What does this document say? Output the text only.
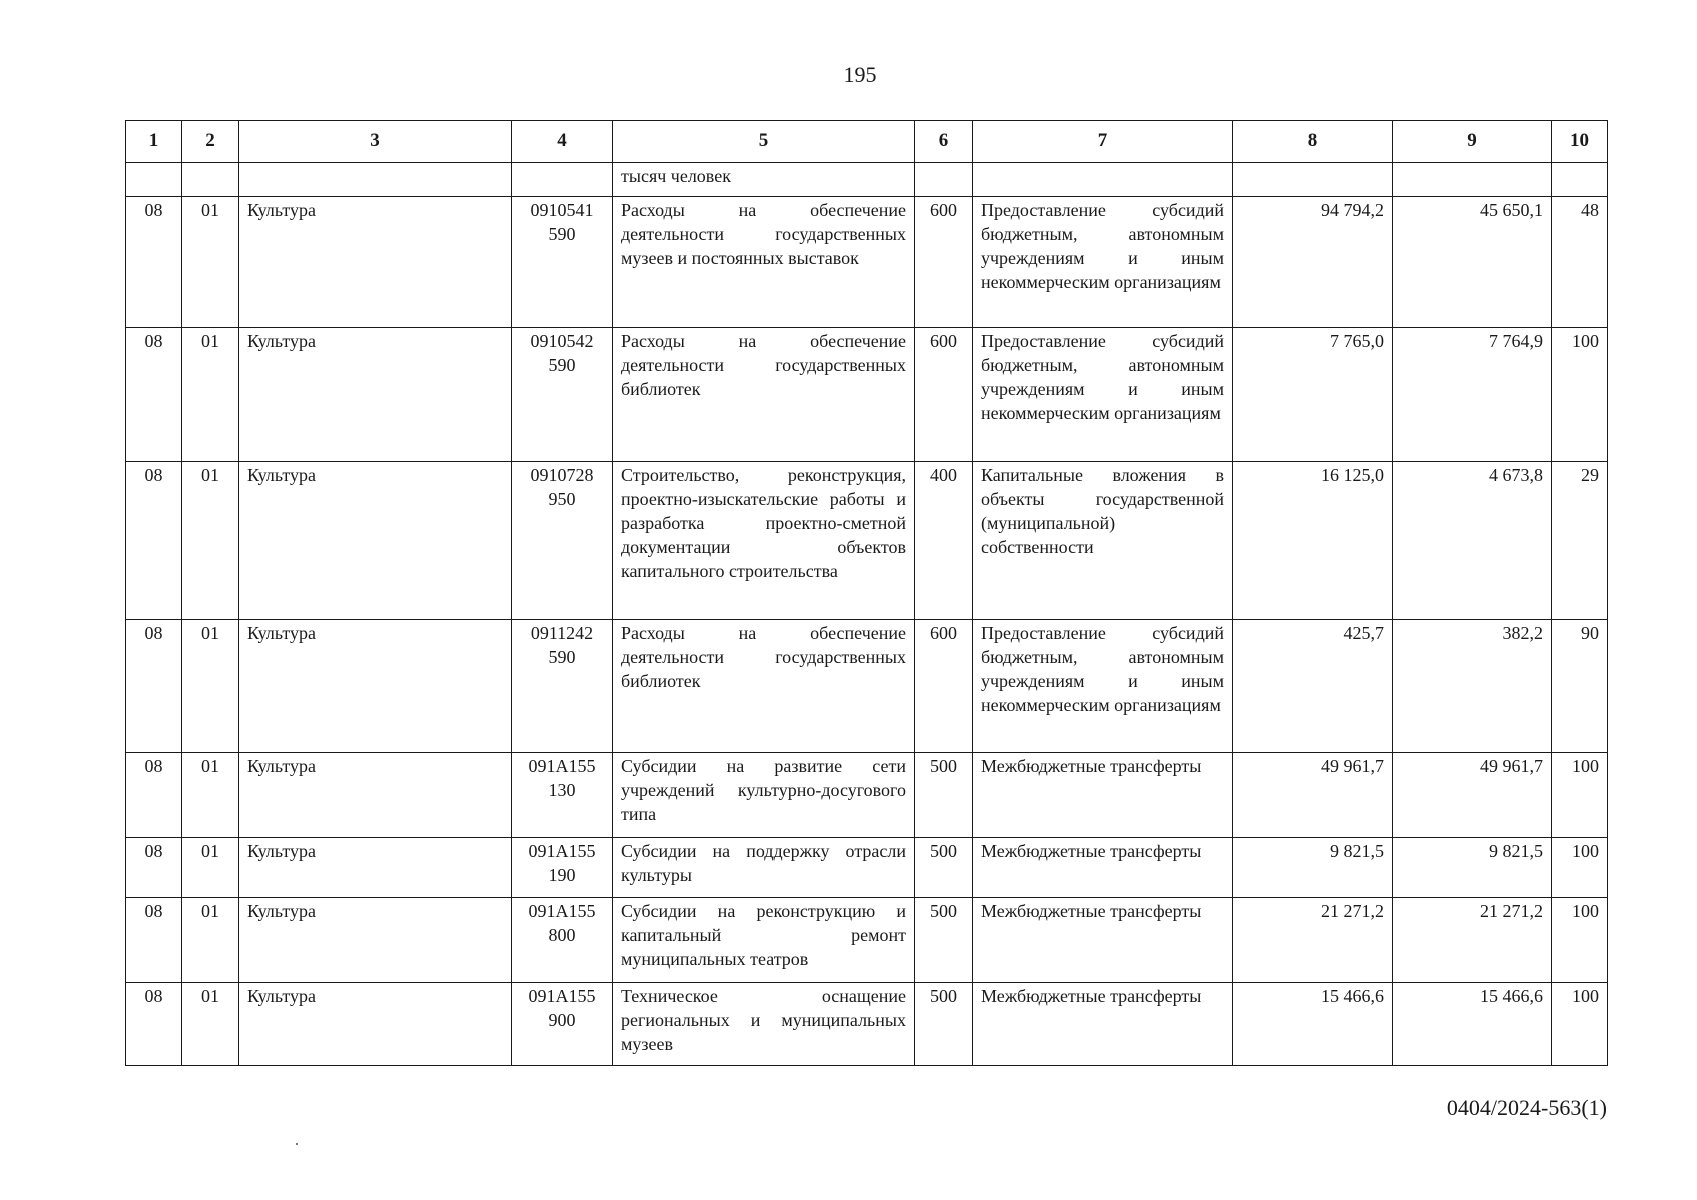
195
1	2	3	4	5	6	7	8	9	10
				тысяч человек					
08	01	Культура	0910541 590	Расходы на обеспечение деятельности государственных музеев и постоянных выставок	600	Предоставление субсидий бюджетным, автономным учреждениям и иным некоммерческим организациям	94 794,2	45 650,1	48
08	01	Культура	0910542 590	Расходы на обеспечение деятельности государственных библиотек	600	Предоставление субсидий бюджетным, автономным учреждениям и иным некоммерческим организациям	7 765,0	7 764,9	100
08	01	Культура	0910728 950	Строительство, реконструкция, проектно-изыскательские работы и разработка проектно-сметной документации объектов капитального строительства	400	Капитальные вложения в объекты государственной (муниципальной) собственности	16 125,0	4 673,8	29
08	01	Культура	0911242 590	Расходы на обеспечение деятельности государственных библиотек	600	Предоставление субсидий бюджетным, автономным учреждениям и иным некоммерческим организациям	425,7	382,2	90
08	01	Культура	091A155 130	Субсидии на развитие сети учреждений культурно-досугового типа	500	Межбюджетные трансферты	49 961,7	49 961,7	100
08	01	Культура	091A155 190	Субсидии на поддержку отрасли культуры	500	Межбюджетные трансферты	9 821,5	9 821,5	100
08	01	Культура	091A155 800	Субсидии на реконструкцию и капитальный ремонт муниципальных театров	500	Межбюджетные трансферты	21 271,2	21 271,2	100
08	01	Культура	091A155 900	Техническое оснащение региональных и муниципальных музеев	500	Межбюджетные трансферты	15 466,6	15 466,6	100
0404/2024-563(1)
